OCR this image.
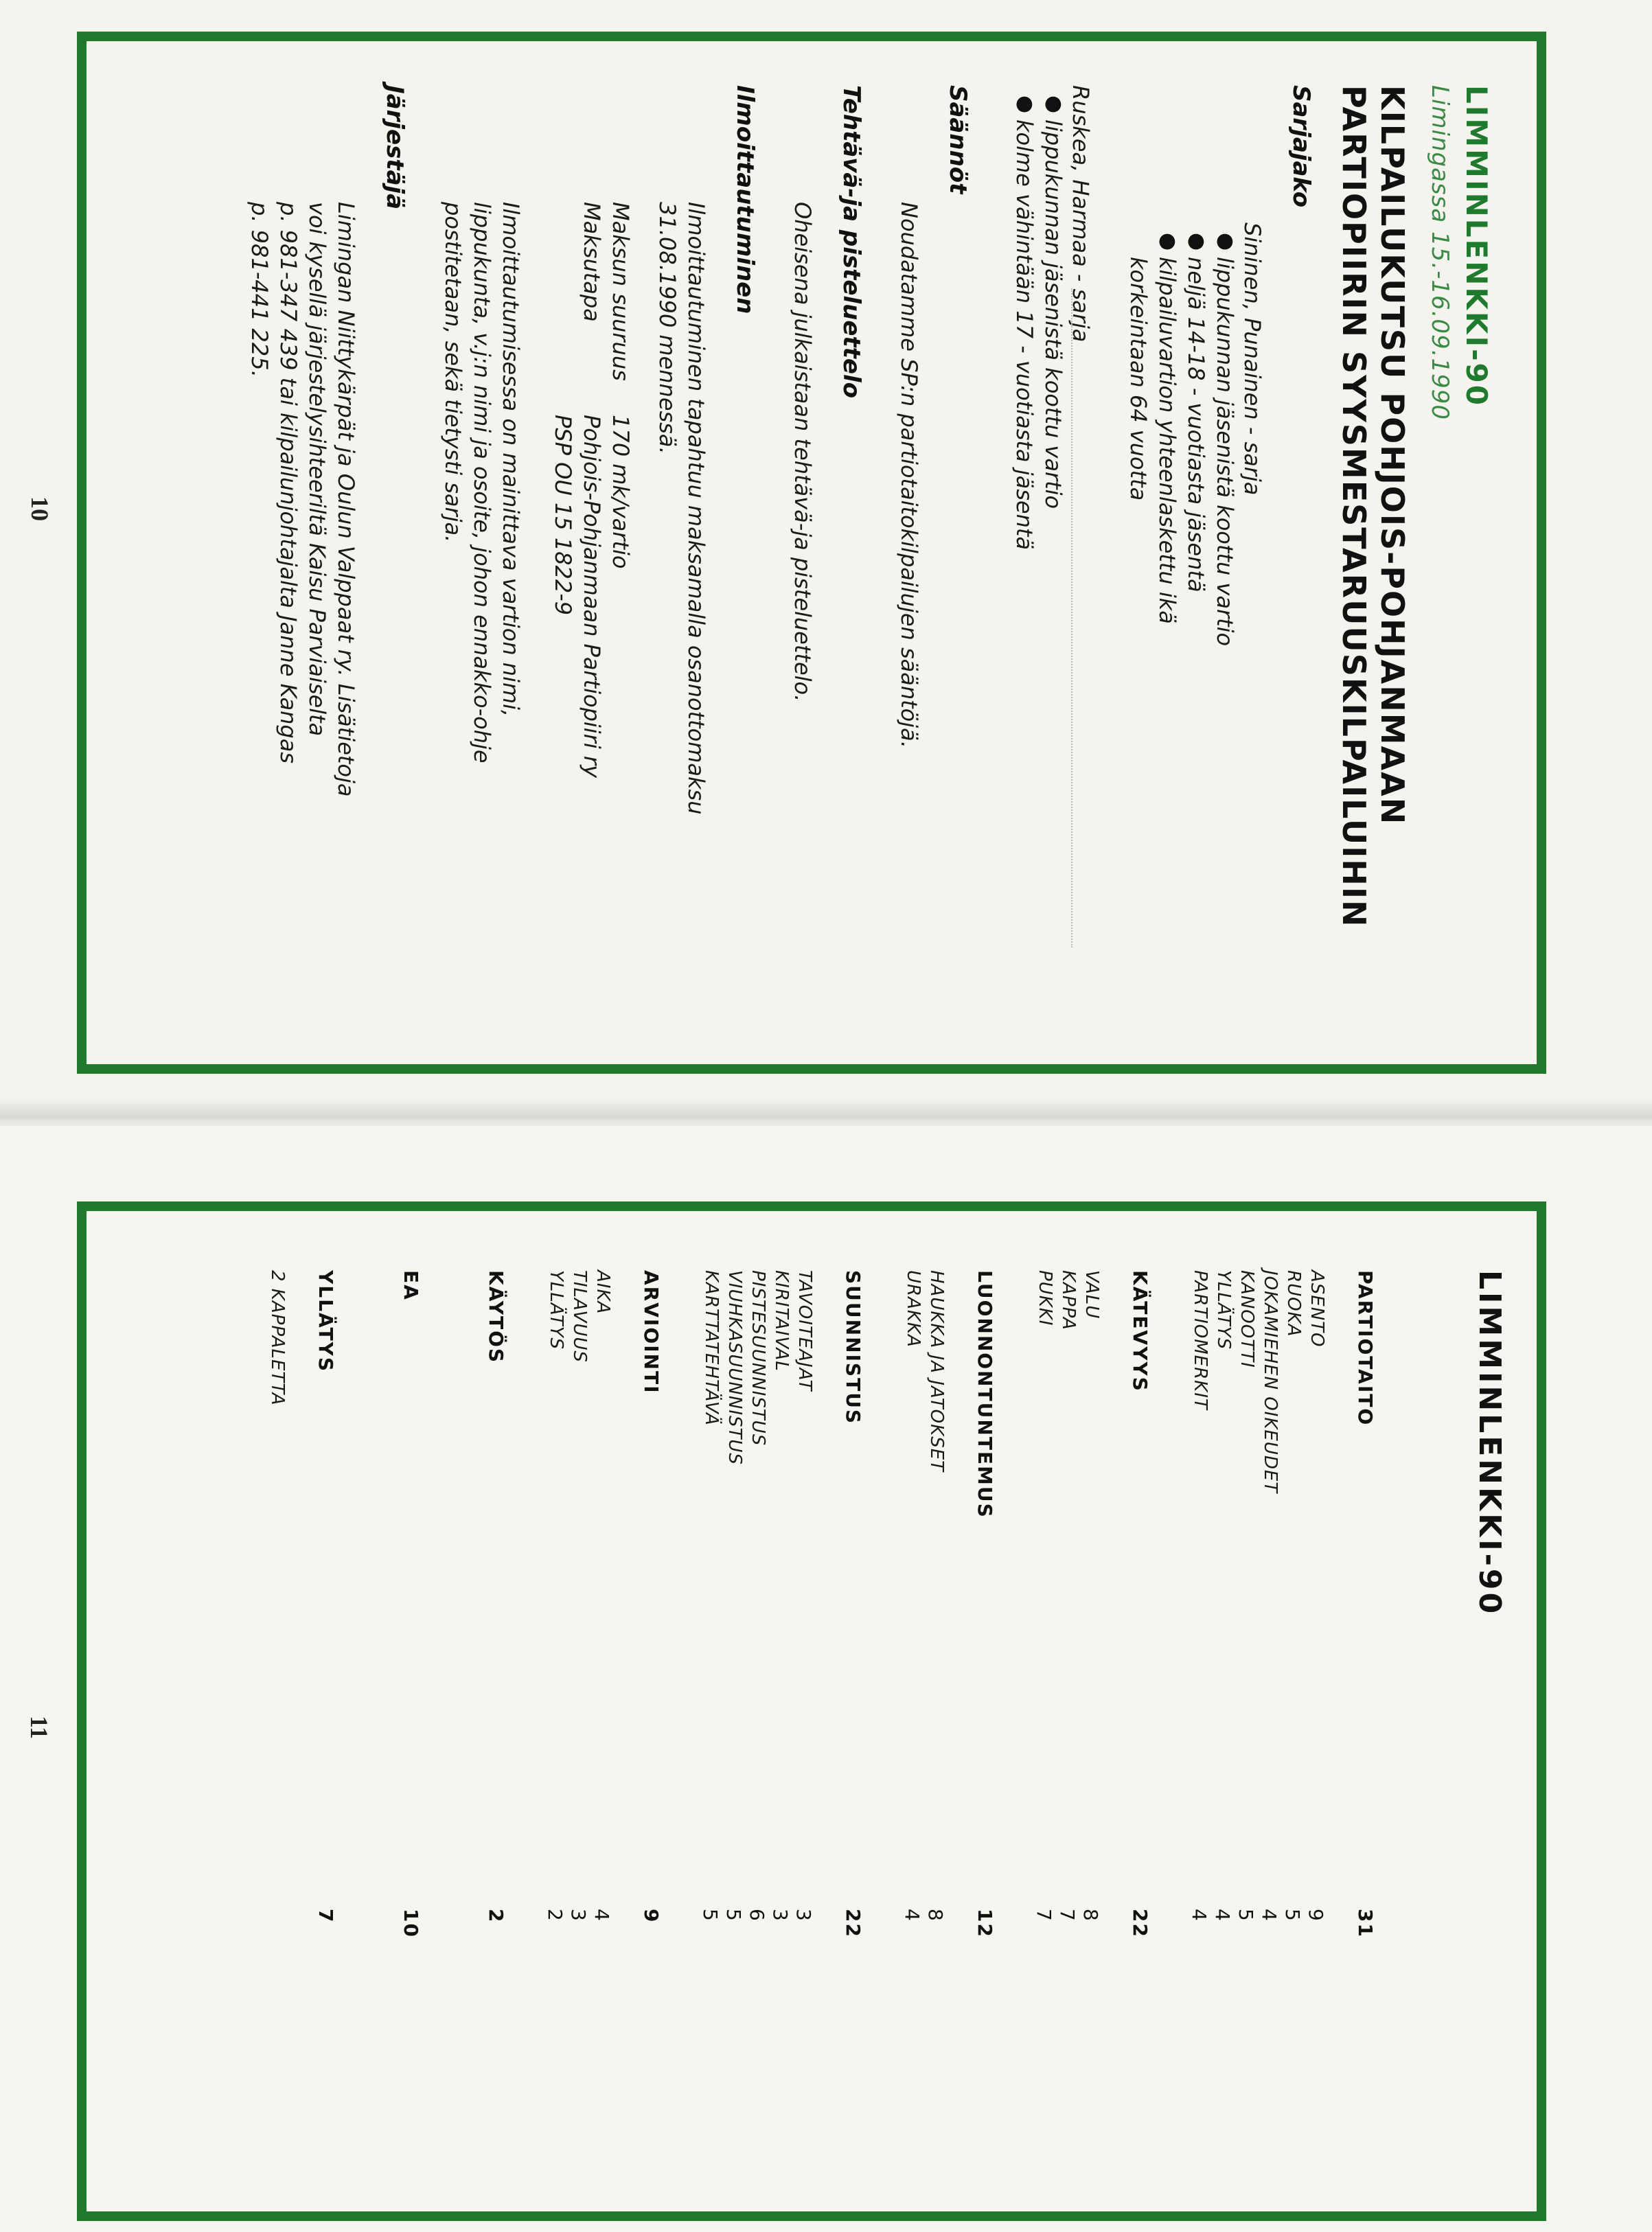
LIMMINLENKKI-90
Limingassa 15.-16.09.1990
KILPAILUKUTSU POHJOIS-POHJANMAAN
PARTIOPIIRIN SYYSMESTARUUSKILPAILUIHIN
Sarjajako
Sininen, Punainen - sarja
●
lippukunnan jäsenistä koottu vartio
●
neljä 14-18 - vuotiasta jäsentä
●
kilpailuvartion yhteenlaskettu ikä
korkeintaan 64 vuotta
Ruskea, Harmaa - sarja
●
lippukunnan jäsenistä koottu vartio
●
kolme vähintään 17 - vuotiasta jäsentä
Säännöt
Noudatamme SP:n partiotaitokilpailujen sääntöjä.
Tehtävä-ja pisteluettelo
Oheisena julkaistaan tehtävä-ja pisteluettelo.
Ilmoittautuminen
Ilmoittautuminen tapahtuu maksamalla osanottomaksu
31.08.1990 mennessä.
Maksun suuruus
170 mk/vartio
Maksutapa
Pohjois-Pohjanmaan Partiopiiri ry
PSP OU 15 1822-9
Ilmoittautumisessa on mainittava vartion nimi,
lippukunta, v.j:n nimi ja osoite, johon ennakko-ohje
postitetaan, sekä tietysti sarja.
Järjestäjä
Limingan Niittykärpät ja Oulun Valppaat ry. Lisätietoja
voi kysellä järjestelysihteeriltä Kaisu Parviaiselta
p. 981-347 439 tai kilpailunjohtajalta Janne Kangas
p. 981-441 225.
10
LIMMINLENKKI-90
PARTIOTAITO
31
ASENTO
9
RUOKA
5
JOKAMIEHEN OIKEUDET
4
KANOOTTI
5
YLLÄTYS
4
PARTIOMERKIT
4
KÄTEVYYS
22
VALU
8
KAPPA
7
PUKKI
7
LUONNONTUNTEMUS
12
HAUKKA JA JATOKSET
8
URAKKA
4
SUUNNISTUS
22
TAVOITEAJAT
3
KIRITAIVAL
3
PISTESUUNNISTUS
6
VIUHKASUUNNISTUS
5
KARTTATEHTÄVÄ
5
ARVIOINTI
9
AIKA
4
TILAVUUS
3
YLLÄTYS
2
KÄYTÖS
2
EA
10
YLLÄTYS
7
2 KAPPALETTA
11
